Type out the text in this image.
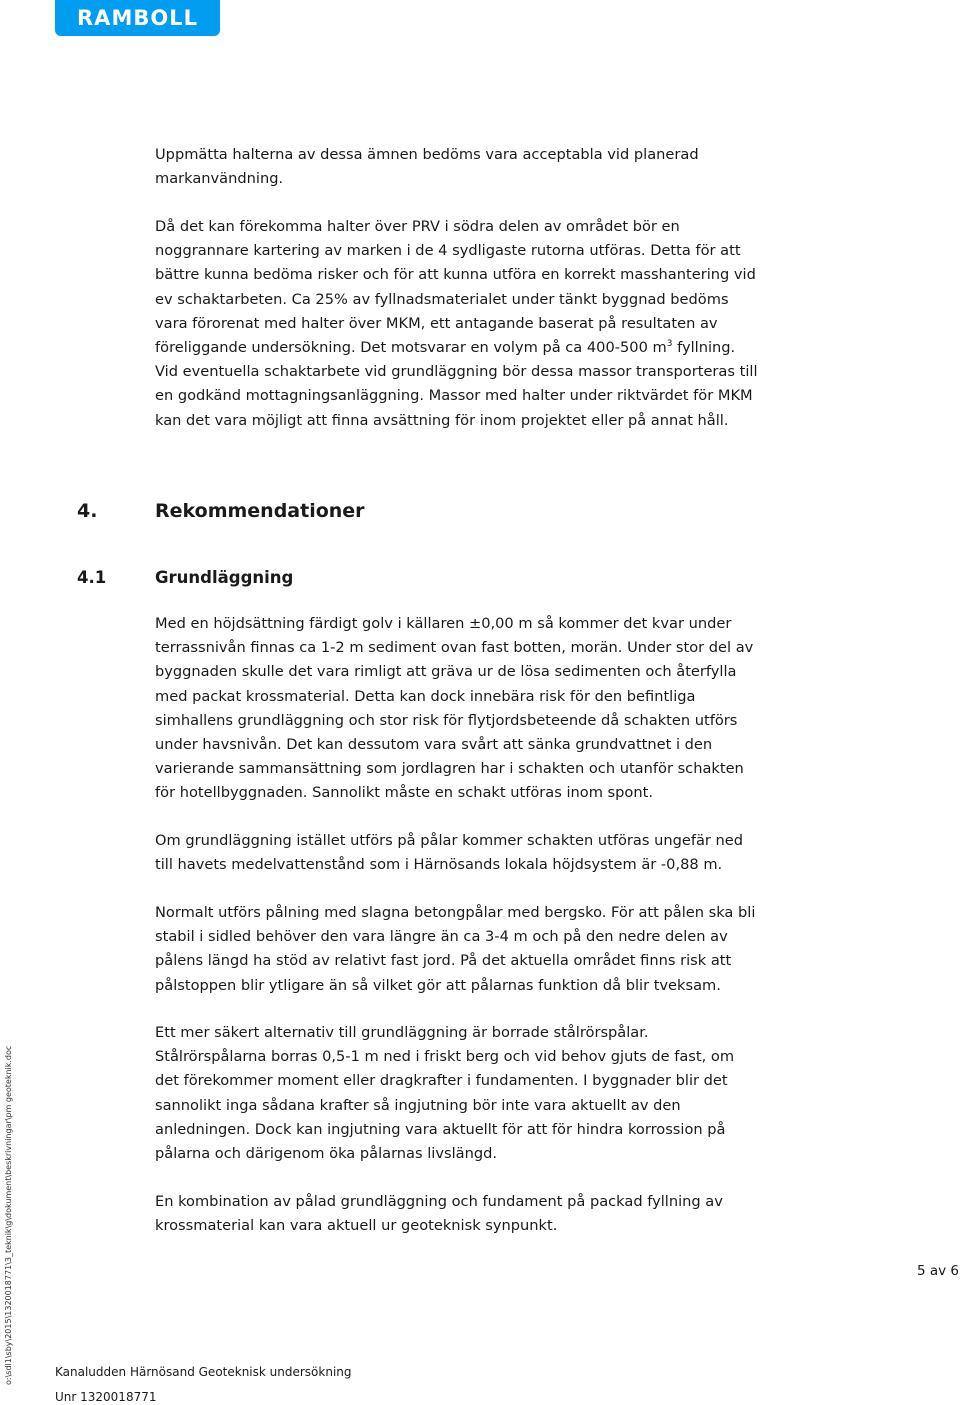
RAMBOLL
Uppmätta halterna av dessa ämnen bedöms vara acceptabla vid planerad
markanvändning.
Då det kan förekomma halter över PRV i södra delen av området bör en
noggrannare kartering av marken i de 4 sydligaste rutorna utföras. Detta för att
bättre kunna bedöma risker och för att kunna utföra en korrekt masshantering vid
ev schaktarbeten. Ca 25% av fyllnadsmaterialet under tänkt byggnad bedöms
vara förorenat med halter över MKM, ett antagande baserat på resultaten av
föreliggande undersökning. Det motsvarar en volym på ca 400-500 $m^3$ fyllning.
Vid eventuella schaktarbete vid grundläggning bör dessa massor transporteras till
en godkänd mottagningsanläggning. Massor med halter under riktvärdet för MKM
kan det vara möjligt att finna avsättning för inom projektet eller på annat håll.
4.	Rekommendationer
4.1	Grundläggning
Med en höjdsättning färdigt golv i källaren ±0,00 m så kommer det kvar under
terrassnivån finnas ca 1-2 m sediment ovan fast botten, morän. Under stor del av
byggnaden skulle det vara rimligt att gräva ur de lösa sedimenten och återfylla
med packat krossmaterial. Detta kan dock innebära risk för den befintliga
simhallens grundläggning och stor risk för flytjordsbeteende då schakten utförs
under havsnivån. Det kan dessutom vara svårt att sänka grundvattnet i den
varierande sammansättning som jordlagren har i schakten och utanför schakten
för hotellbyggnaden. Sannolikt måste en schakt utföras inom spont.
Om grundläggning istället utförs på pålar kommer schakten utföras ungefär ned
till havets medelvattenstånd som i Härnösands lokala höjdsystem är -0,88 m.
Normalt utförs pålning med slagna betongpålar med bergsko. För att pålen ska bli
stabil i sidled behöver den vara längre än ca 3-4 m och på den nedre delen av
pålens längd ha stöd av relativt fast jord. På det aktuella området finns risk att
pålstoppen blir ytligare än så vilket gör att pålarnas funktion då blir tveksam.
Ett mer säkert alternativ till grundläggning är borrade stålrörspålar.
Stålrörspålarna borras 0,5-1 m ned i friskt berg och vid behov gjuts de fast, om
det förekommer moment eller dragkrafter i fundamenten. I byggnader blir det
sannolikt inga sådana krafter så ingjutning bör inte vara aktuellt av den
anledningen. Dock kan ingjutning vara aktuellt för att för hindra korrossion på
pålarna och därigenom öka pålarnas livslängd.
En kombination av pålad grundläggning och fundament på packad fyllning av
krossmaterial kan vara aktuell ur geoteknisk synpunkt.
5 av 6
o:\sdl1\sby\2015\1320018771\3_teknik\g\dokument\beskrivningar\pm geoteknik.doc	Kanaludden Härnösand Geoteknisk undersökning
Unr 1320018771
